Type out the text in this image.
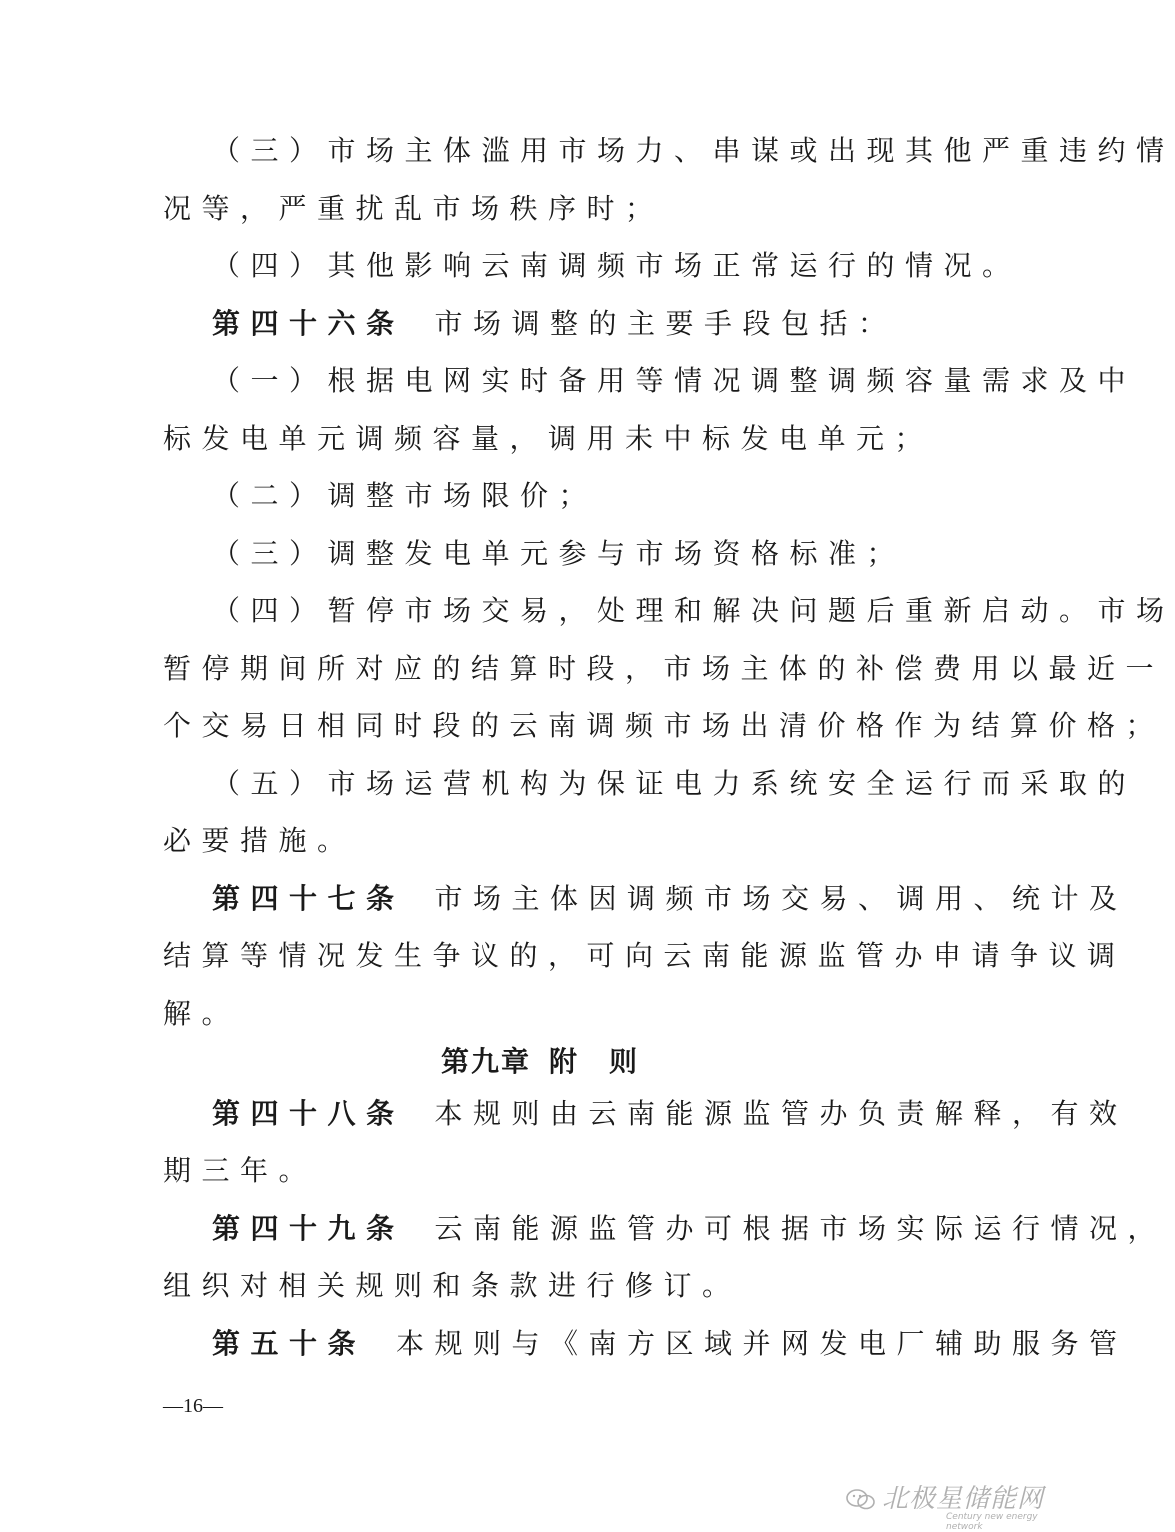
（三）市场主体滥用市场力、串谋或出现其他严重违约情
况等，严重扰乱市场秩序时；
（四）其他影响云南调频市场正常运行的情况。
第四十六条 市场调整的主要手段包括：
（一）根据电网实时备用等情况调整调频容量需求及中
标发电单元调频容量，调用未中标发电单元；
（二）调整市场限价；
（三）调整发电单元参与市场资格标准；
（四）暂停市场交易，处理和解决问题后重新启动。市场
暂停期间所对应的结算时段，市场主体的补偿费用以最近一
个交易日相同时段的云南调频市场出清价格作为结算价格；
（五）市场运营机构为保证电力系统安全运行而采取的
必要措施。
第四十七条 市场主体因调频市场交易、调用、统计及
结算等情况发生争议的，可向云南能源监管办申请争议调
解。
第九章 附　则
第四十八条 本规则由云南能源监管办负责解释，有效
期三年。
第四十九条 云南能源监管办可根据市场实际运行情况，
组织对相关规则和条款进行修订。
第五十条 本规则与《南方区域并网发电厂辅助服务管
—16—
北极星储能网
Century new energy network
